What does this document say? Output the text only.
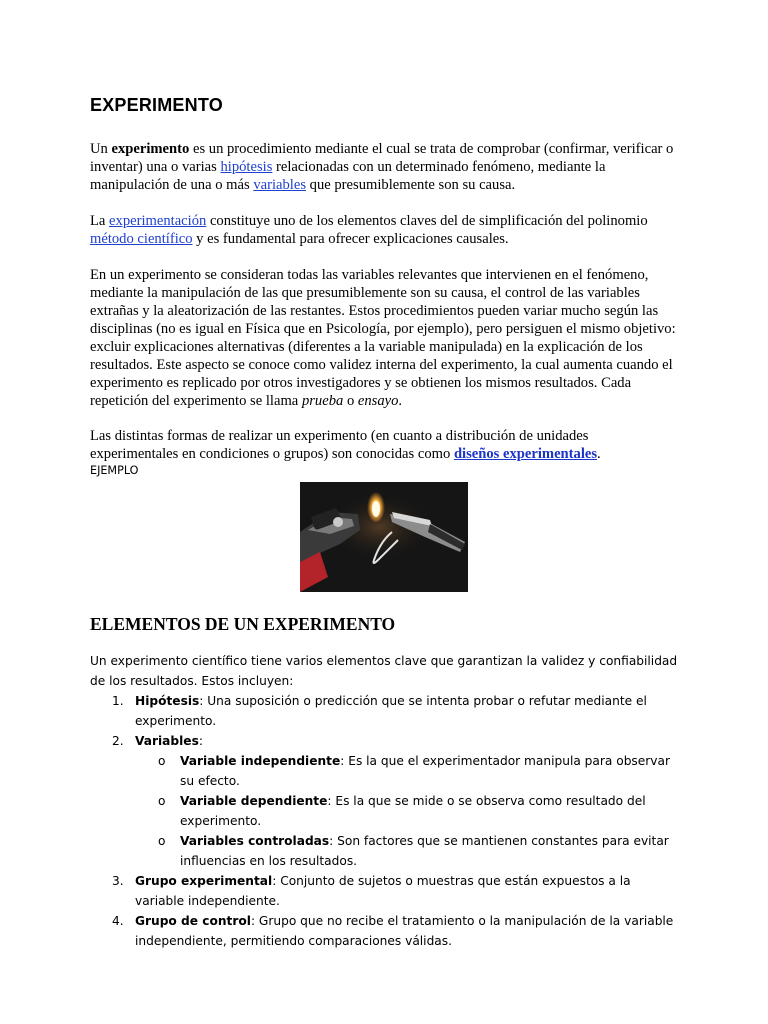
EXPERIMENTO

Un experimento es un procedimiento mediante el cual se trata de comprobar (confirmar, verificar o inventar) una o varias hipótesis relacionadas con un determinado fenómeno, mediante la manipulación de una o más variables que presumiblemente son su causa.

La experimentación constituye uno de los elementos claves del de simplificación del polinomio método científico y es fundamental para ofrecer explicaciones causales.

En un experimento se consideran todas las variables relevantes que intervienen en el fenómeno, mediante la manipulación de las que presumiblemente son su causa, el control de las variables extrañas y la aleatorización de las restantes. Estos procedimientos pueden variar mucho según las disciplinas (no es igual en Física que en Psicología, por ejemplo), pero persiguen el mismo objetivo: excluir explicaciones alternativas (diferentes a la variable manipulada) en la explicación de los resultados. Este aspecto se conoce como validez interna del experimento, la cual aumenta cuando el experimento es replicado por otros investigadores y se obtienen los mismos resultados. Cada repetición del experimento se llama prueba o ensayo.

Las distintas formas de realizar un experimento (en cuanto a distribución de unidades experimentales en condiciones o grupos) son conocidas como diseños experimentales.

EJEMPLO
ELEMENTOS DE UN EXPERIMENTO

Un experimento científico tiene varios elementos clave que garantizan la validez y confiabilidad de los resultados. Estos incluyen:

1. Hipótesis: Una suposición o predicción que se intenta probar o refutar mediante el experimento.
2. Variables:
o Variable independiente: Es la que el experimentador manipula para observar su efecto.
o Variable dependiente: Es la que se mide o se observa como resultado del experimento.
o Variables controladas: Son factores que se mantienen constantes para evitar influencias en los resultados.
3. Grupo experimental: Conjunto de sujetos o muestras que están expuestos a la variable independiente.
4. Grupo de control: Grupo que no recibe el tratamiento o la manipulación de la variable independiente, permitiendo comparaciones válidas.
